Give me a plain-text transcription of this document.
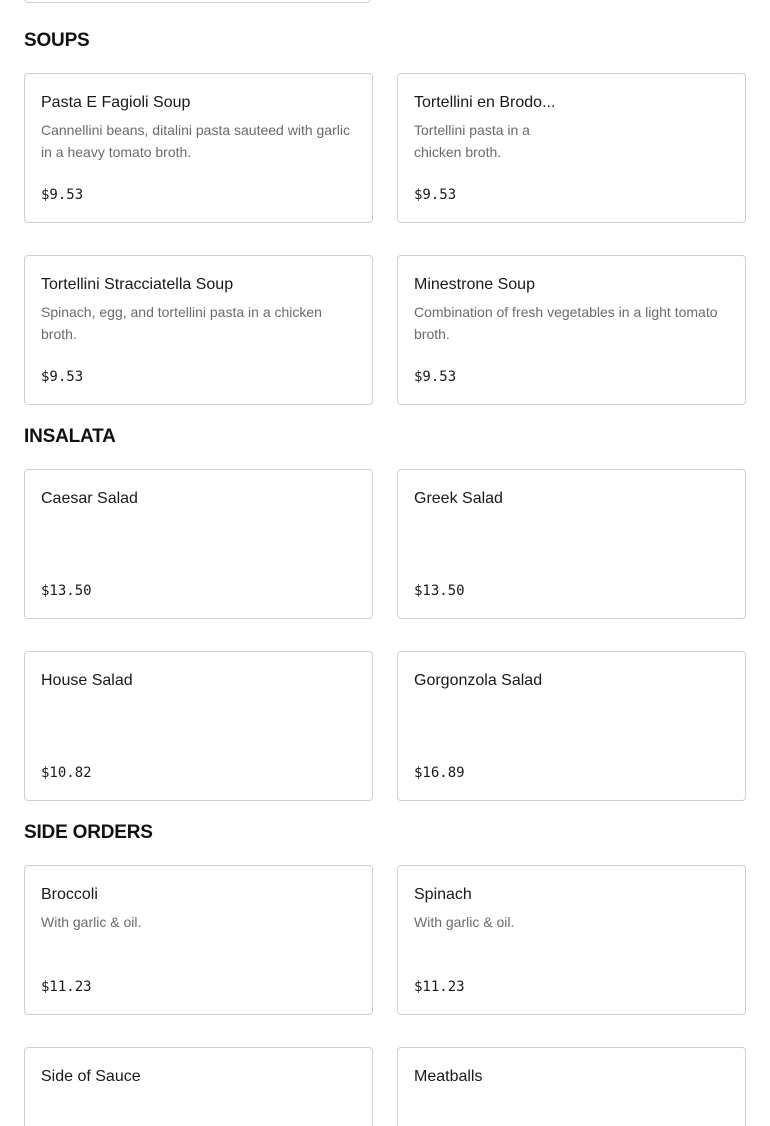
SOUPS
Pasta E Fagioli Soup
Cannellini beans, ditalini pasta sauteed with garlic in a heavy tomato broth.
$9.53
Tortellini en Brodo...
Tortellini pasta in a chicken broth.
$9.53
Tortellini Stracciatella Soup
Spinach, egg, and tortellini pasta in a chicken broth.
$9.53
Minestrone Soup
Combination of fresh vegetables in a light tomato broth.
$9.53
INSALATA
Caesar Salad
$13.50
Greek Salad
$13.50
House Salad
$10.82
Gorgonzola Salad
$16.89
SIDE ORDERS
Broccoli
With garlic & oil.
$11.23
Spinach
With garlic & oil.
$11.23
Side of Sauce	Meatballs
